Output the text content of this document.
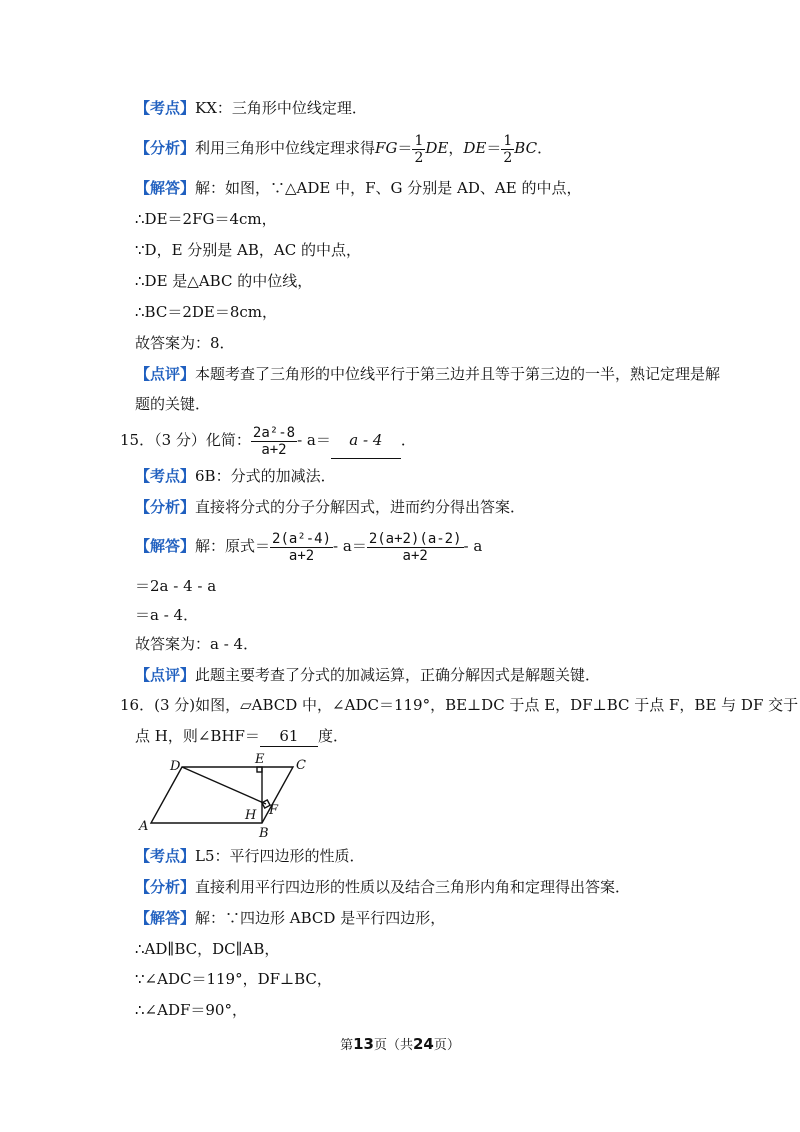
【考点】KX：三角形中位线定理．
【分析】利用三角形中位线定理求得$FG= \frac{1}{2}$ DE，$DE= \frac{1}{2}$ BC．
【解答】解：如图，∵△ADE 中，F、G 分别是 AD、AE 的中点，
∴DE＝2FG＝4cm，
∵D，E 分别是 AB，AC 的中点，
∴DE 是△ABC 的中位线，
∴BC＝2DE＝8cm，
故答案为：8．
【点评】本题考查了三角形的中位线平行于第三边并且等于第三边的一半，熟记定理是解
题的关键．
15．（3 分）化简： $\frac{\text{2a²-8}}{a+2} - a= a - 4$ ．
【考点】6B：分式的加减法．
【分析】直接将分式的分子分解因式，进而约分得出答案．
【解答】解：原式＝ $\frac{\text{2(a²-4)}}{a+2} - a= \frac{2(a+2)(a-2)}{a+2} - a$
＝2a - 4 - a
＝a - 4．
故答案为：a - 4．
【点评】此题主要考查了分式的加减运算，正确分解因式是解题关键．
16．(3 分)如图，▱ABCD 中，∠ADC＝119°，BE⊥DC 于点 E，DF⊥BC 于点 F，BE 与 DF 交于
点 H，则∠BHF＝ 61 度．
A	B
C
D	E
F
H
【考点】L5：平行四边形的性质．
【分析】直接利用平行四边形的性质以及结合三角形内角和定理得出答案．
【解答】解：∵四边形 ABCD 是平行四边形，
∴AD∥BC，DC∥AB，
∵∠ADC＝119°，DF⊥BC，
∴∠ADF＝90°，
第13页（共24页）
